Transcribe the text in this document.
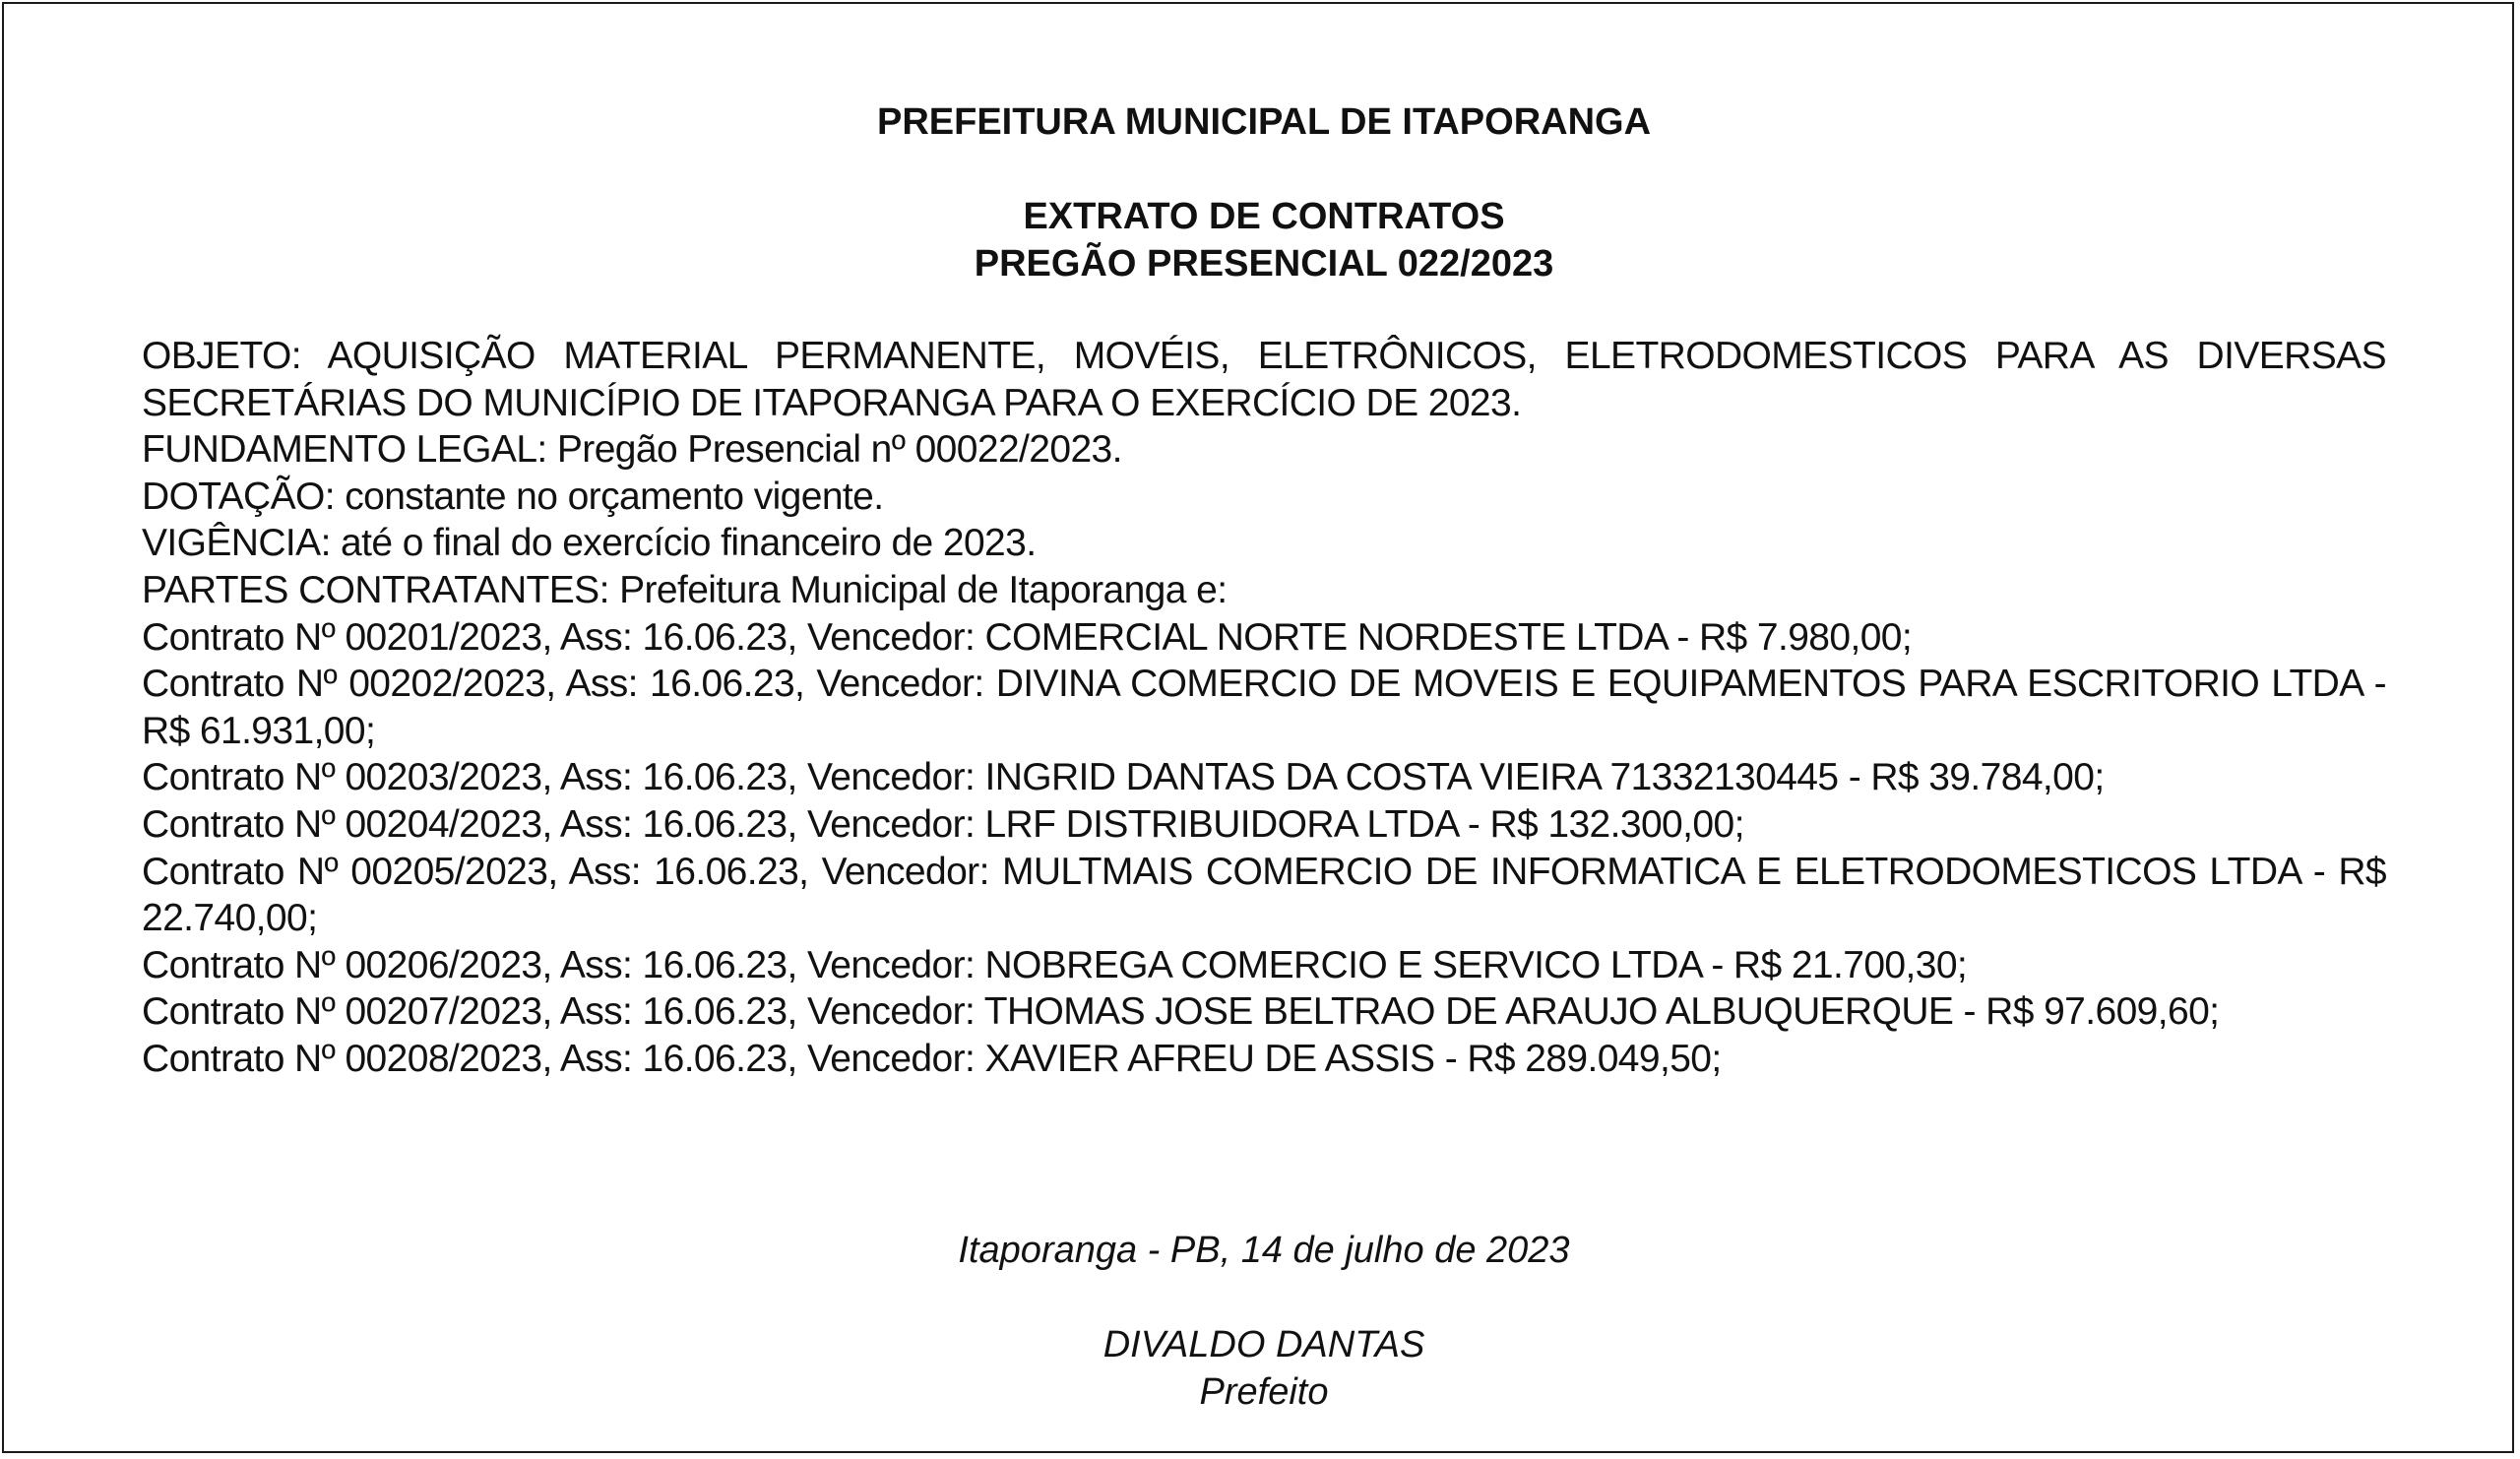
PREFEITURA MUNICIPAL DE ITAPORANGA
EXTRATO DE CONTRATOS
PREGÃO PRESENCIAL 022/2023

OBJETO: AQUISIÇÃO MATERIAL PERMANENTE, MOVÉIS, ELETRÔNICOS, ELETRODOMESTICOS PARA AS DIVERSAS SECRETÁRIAS DO MUNICÍPIO DE ITAPORANGA PARA O EXERCÍCIO DE 2023.

FUNDAMENTO LEGAL: Pregão Presencial nº 00022/2023.

DOTAÇÃO: constante no orçamento vigente.

VIGÊNCIA: até o final do exercício financeiro de 2023.

PARTES CONTRATANTES: Prefeitura Municipal de Itaporanga e:

Contrato Nº 00201/2023, Ass: 16.06.23, Vencedor: COMERCIAL NORTE NORDESTE LTDA - R$ 7.980,00;

Contrato Nº 00202/2023, Ass: 16.06.23, Vencedor: DIVINA COMERCIO DE MOVEIS E EQUIPAMENTOS PARA ESCRITORIO LTDA - R$ 61.931,00;

Contrato Nº 00203/2023, Ass: 16.06.23, Vencedor: INGRID DANTAS DA COSTA VIEIRA 71332130445 - R$ 39.784,00;

Contrato Nº 00204/2023, Ass: 16.06.23, Vencedor: LRF DISTRIBUIDORA LTDA - R$ 132.300,00;

Contrato Nº 00205/2023, Ass: 16.06.23, Vencedor: MULTMAIS COMERCIO DE INFORMATICA E ELETRODOMESTICOS LTDA - R$ 22.740,00;

Contrato Nº 00206/2023, Ass: 16.06.23, Vencedor: NOBREGA COMERCIO E SERVICO LTDA - R$ 21.700,30;

Contrato Nº 00207/2023, Ass: 16.06.23, Vencedor: THOMAS JOSE BELTRAO DE ARAUJO ALBUQUERQUE - R$ 97.609,60;

Contrato Nº 00208/2023, Ass: 16.06.23, Vencedor: XAVIER AFREU DE ASSIS - R$ 289.049,50;

Itaporanga - PB, 14 de julho de 2023
DIVALDO DANTAS
Prefeito
